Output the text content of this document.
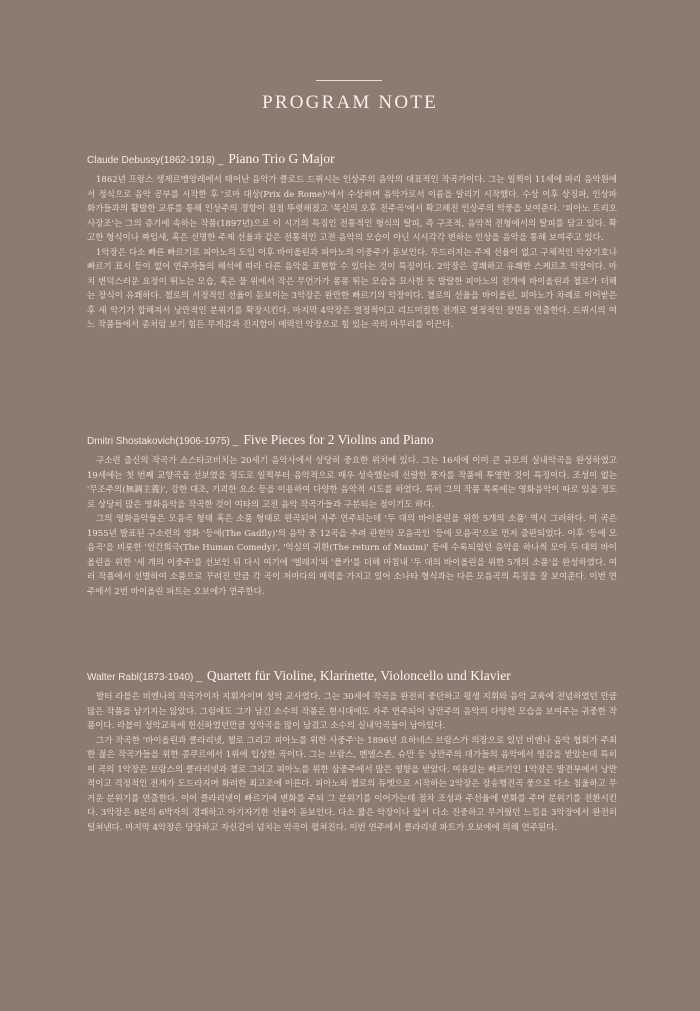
PROGRAM NOTE
Claude Debussy(1862-1918) _ Piano Trio G Major

1862년 프랑스 생제르맹앙레에서 태어난 음악가 클로드 드뷔시는 인상주의 음악의 대표적인 작곡가이다. 그는 일찍이 11세에 파리 음악원에서 정식으로 음악 공부를 시작한 후 '로마 대상(Prix de Rome)'에서 수상하며 음악가로서 이름을 알리기 시작했다. 수상 이후 상징파, 인상파 화가들과의 활발한 교류를 통해 인상주의 경향이 점점 뚜렷해졌고 '목신의 오후 전주곡'에서 확고해진 인상주의 악풍을 보여준다. '피아노 트리오 사장조'는 그의 증기에 속하는 작품(1897년)으로 이 시기의 특징인 전통적인 형식의 탈피, 즉 구조적, 음악적 전형에서의 탈피를 담고 있다. 확고한 형식이나 짜임새, 혹은 선명한 주제 선율과 같은 전통적인 고전 음악의 모습이 아닌 시시각각 변하는 인상을 음악을 통해 보여주고 있다.

1악장은 다소 빠른 빠르기로 피아노의 도입 이후 바이올린과 피아노의 이중주가 돋보인다. 두드러지는 주제 선율이 없고 구체적인 악상기호나 빠르기 표시 등이 없어 연주자들의 해석에 따라 다른 음악을 표현할 수 있다는 것이 특징이다. 2악장은 경쾌하고 유쾌한 스케르초 악장이다. 마치 변덕스러운 요정이 뛰노는 모습, 혹은 물 위에서 작은 무언가가 퐁퐁 튀는 모습을 묘사한 듯 발랄한 피아노의 전개에 바이올린과 첼로가 더해는 장식이 유쾌하다. 첼로의 서정적인 선율이 돋보이는 3악장은 완만한 빠르기의 악장이다. 첼로의 선율을 바이올린, 피아노가 차례로 이어받은 후 세 악기가 합해져서 낭만적인 분위기를 확장시킨다. 마지막 4악장은 열정적이고 리드미컬한 전개로 열정적인 장면을 연출한다. 드뷔시의 여느 작품들에서 종처럼 보기 힘든 무게감과 진지함이 매력인 악장으로 힘 있는 곡의 마무리를 이끈다.

Dmitri Shostakovich(1906-1975) _ Five Pieces for 2 Violins and Piano

구소련 출신의 작곡가 쇼스타코비치는 20세기 음악사에서 상당히 중요한 위치에 있다. 그는 16세에 이미 큰 규모의 실내악곡을 완성하였고 19세에는 첫 번째 교향곡을 선보였을 정도로 일찍부터 음악적으로 매우 성숙했는데 신랄한 풍자를 작품에 투영한 것이 특징이다. 조성이 없는 '무조주의(無調主義)', 강한 대조, 기괴한 요소 등을 이용하여 다양한 음악적 시도를 하였다. 특히 그의 작품 목록에는 영화음악이 따로 있을 정도로 상당히 많은 영화음악을 작곡한 것이 여타의 고전 음악 작곡가들과 구분되는 점이기도 하다.

그의 영화음악들은 모음곡 형태 혹은 소품 형태로 편곡되어 자주 연주되는데 '두 대의 바이올린을 위한 5개의 소품' 역시 그러하다. 이 곡은 1955년 발표된 구소련의 영화 '등에(The Gadfly)'의 음악 중 12곡을 추려 관현악 모음곡인 '등에 모음곡'으로 먼저 출판되었다. 이후 '등에 모음곡'을 비롯한 '인간희극(The Human Comedy)', '억심의 귀환(The return of Maxim)' 등에 수록되었던 음악을 하나씩 모아 두 대의 바이올린을 위한 '세 개의 이중주'를 선보인 뒤 다시 여기에 '엘레지'와 '폴카'를 더해 마침내 '두 대의 바이올린을 위한 5개의 소품'을 완성하였다. 여러 작품에서 선별하여 소품으로 꾸려진 만큼 각 곡이 저마다의 매력을 가지고 있어 소나타 형식과는 다른 모음곡의 특징을 잘 보여준다. 이번 연주에서 2번 바이올린 파트는 오보에가 연주한다.

Walter Rabl(1873-1940) _ Quartett für Violine, Klarinette, Violoncello und Klavier

발터 라블은 비엔나의 작곡가이자 지휘자이며 성악 교사였다. 그는 30세에 작곡을 완전히 중단하고 평생 지휘와 음악 교육에 전념하였던 만큼 많은 작품을 남기지는 않았다. 그럼에도 그가 남긴 소수의 작품은 현시대에도 자주 연주되어 낭만주의 음악의 다양한 모습을 보여주는 귀중한 작품이다. 라블이 성악교육에 헌신하였던만큼 성악곡을 많이 남겼고 소수의 실내악곡들이 남아있다.

그가 작곡한 '바이올린과 클라리넷, 첼로 그리고 피아노를 위한 사중주'는 1896년 요하네스 브람스가 의장으로 있던 비엔나 음악 협회가 주최한 젊은 작곡가들을 위한 콩쿠르에서 1위에 입상한 곡이다. 그는 브람스, 멘델스존, 슈만 등 낭만주의 대가들의 음악에서 영감을 받았는데 특히 이 곡의 1악장은 브람스의 클라리넷과 첼로 그리고 피아노를 위한 삼중주에서 많은 영향을 받았다. 여유있는 빠르기인 1악장은 발전부에서 낭만적이고 격정적인 전개가 도드라지며 화려한 최고조에 이른다. 피아노와 첼로의 듀엣으로 시작하는 2악장은 장송행진곡 풍으로 다소 침울하고 무거운 분위기를 연출한다. 이어 클라리넷이 빠르기에 변화를 주되 그 분위기를 이어가는데 점차 조성과 주선율에 변화를 주며 분위기를 전환시킨다. 3악장은 8분의 6박자의 경쾌하고 아기자기한 선율이 돋보인다. 다소 짧은 악장이나 앞서 다소 진중하고 무거웠던 느낌을 3악장에서 완전히 털쳐낸다. 마지막 4악장은 당당하고 자신감이 넘치는 악곡이 펼쳐진다. 이번 연주에서 클라리넷 파트가 오보에에 의해 연주된다.
